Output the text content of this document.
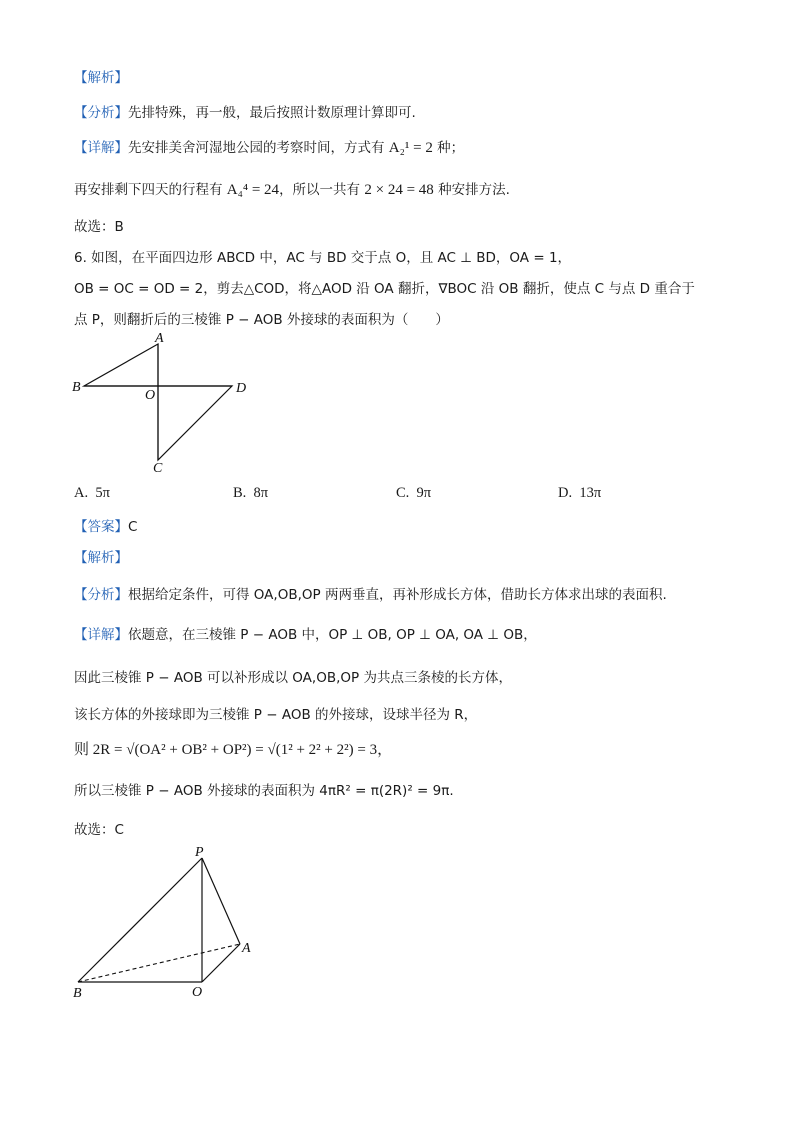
【解析】
【分析】先排特殊，再一般，最后按照计数原理计算即可.
【详解】先安排美舍河湿地公园的考察时间，方式有 A₂¹ = 2 种；
再安排剩下四天的行程有 A₄⁴ = 24，所以一共有 2 × 24 = 48 种安排方法.
故选：B
6. 如图，在平面四边形 ABCD 中，AC 与 BD 交于点 O，且 AC ⊥ BD，OA = 1，
OB = OC = OD = 2，剪去△COD，将△AOD 沿 OA 翻折，∇BOC 沿 OB 翻折，使点 C 与点 D 重合于
点 P，则翻折后的三棱锥 P − AOB 外接球的表面积为（　　）
A
B	D
O
C
A. 5π	B. 8π	C. 9π	D. 13π
【答案】C
【解析】
【分析】根据给定条件，可得 OA,OB,OP 两两垂直，再补形成长方体，借助长方体求出球的表面积.
【详解】依题意，在三棱锥 P − AOB 中，OP ⊥ OB, OP ⊥ OA, OA ⊥ OB，
因此三棱锥 P − AOB 可以补形成以 OA,OB,OP 为共点三条棱的长方体，
该长方体的外接球即为三棱锥 P − AOB 的外接球，设球半径为 R，
则 2R = √(OA² + OB² + OP²) = √(1² + 2² + 2²) = 3，
所以三棱锥 P − AOB 外接球的表面积为 4πR² = π(2R)² = 9π.
故选：C
P
A
B	O
